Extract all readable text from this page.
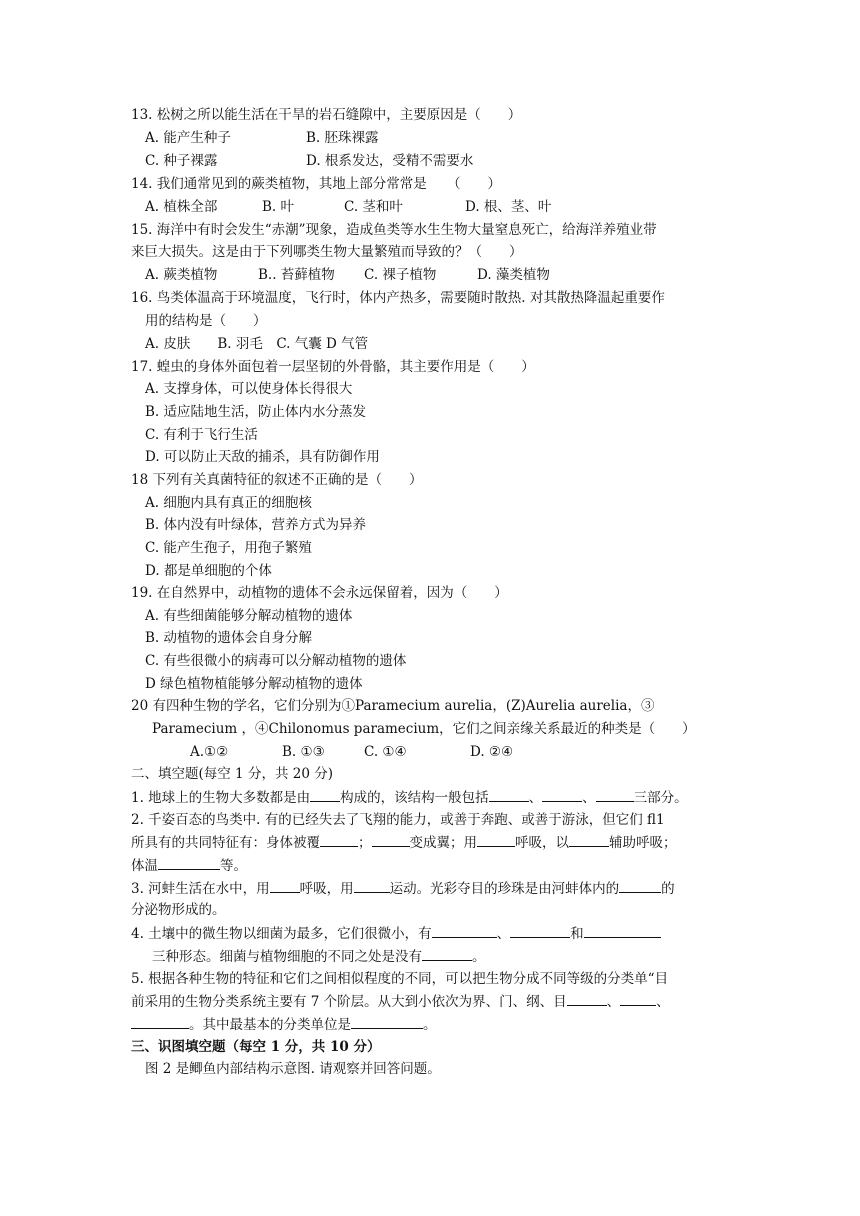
13. 松树之所以能生活在干旱的岩石缝隙中，主要原因是（　　）
A. 能产生种子	B. 胚珠裸露
C. 种子裸露	D. 根系发达，受精不需要水
14. 我们通常见到的蕨类植物，其地上部分常常是　　（　　）
A. 植株全部	B. 叶	C. 茎和叶	D. 根、茎、叶
15. 海洋中有时会发生“赤潮”现象，造成鱼类等水生生物大量窒息死亡，给海洋养殖业带
来巨大损失。这是由于下列哪类生物大量繁殖而导致的？（　　）
A. 蕨类植物	B.. 苔藓植物 C. 裸子植物	D. 藻类植物
16. 鸟类体温高于环境温度，飞行时，体内产热多，需要随时散热. 对其散热降温起重要作
用的结构是（　　）
A. 皮肤　　B. 羽毛　C. 气囊 D 气管
17. 蝗虫的身体外面包着一层坚韧的外骨骼，其主要作用是（　　）
A. 支撑身体，可以使身体长得很大
B. 适应陆地生活，防止体内水分蒸发
C. 有利于飞行生活
D. 可以防止天敌的捕杀，具有防御作用
18 下列有关真菌特征的叙述不正确的是（　　）
A. 细胞内具有真正的细胞核
B. 体内没有叶绿体，营养方式为异养
C. 能产生孢子，用孢子繁殖
D. 都是单细胞的个体
19. 在自然界中，动植物的遗体不会永远保留着，因为（　　）
A. 有些细菌能够分解动植物的遗体
B. 动植物的遗体会自身分解
C. 有些很微小的病毒可以分解动植物的遗体
D 绿色植物植能够分解动植物的遗体
20 有四种生物的学名，它们分别为①Paramecium aurelia，(Z)Aurelia aurelia，③
Paramecium ，④Chilonomus paramecium，它们之间亲缘关系最近的种类是（　　）
A.①②	B. ①③	C. ①④	D. ②④
二、填空题(每空 1 分，共 20 分)
1. 地球上的生物大多数都是由 构成的，该结构一般包括	、	、	三部分。
2. 千姿百态的鸟类中. 有的已经失去了飞翔的能力，或善于奔跑、或善于游泳，但它们 fl1
所具有的共同特征有：身体被覆	；	变成翼；用	呼吸，以	辅助呼吸；
体温	等。
3. 河蚌生活在水中，用 呼吸，用	运动。光彩夺目的珍珠是由河蚌体内的	的
分泌物形成的。
4. 土壤中的微生物以细菌为最多，它们很微小，有	、	和
三种形态。细菌与植物细胞的不同之处是没有	。
5. 根据各种生物的特征和它们之间相似程度的不同，可以把生物分成不同等级的分类单“目
前采用的生物分类系统主要有 7 个阶层。从大到小依次为界、门、纲、目	、	、
。其中最基本的分类单位是	。
三、识图填空题（每空 1 分，共 10 分）
图 2 是鲫鱼内部结构示意图. 请观察并回答问题。
